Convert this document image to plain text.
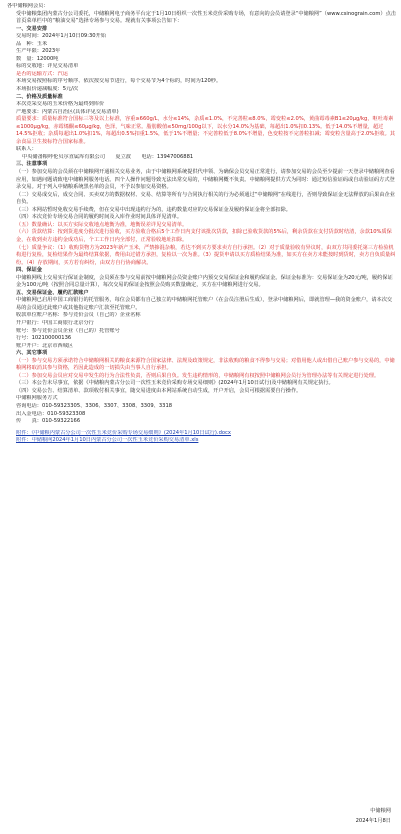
各中储粮网会员：
受中储粮集团内蒙古分公司委托，中储粮网电子商务平台定于1月10日组织一次性玉米竞价采购专场，有意向的会员请登录“中储粮网”（www.csinograin.com）点击首页菜单栏中的“粮油交易”选择专场参与交易。现就有关事项公告如下：
一、交易安排
交易时间：2024年1月10日09:30开始
品　种：玉米
生产年限：2023年
数　量：12000吨
标的交收地：详见交易清单
是否的运输方式：汽运
本场交易按照标的序号顺序、依次按交易节进行，每个交易节为4个标的，时间为120秒。
本场报价递减幅度：5元/次
二、价格及质量标准
本次竞采交易的玉米价格为最终到库价
产地要求：内蒙古自治区(具体详见交易清单)
质量要求：质量标准符合国标三等及以上标准，容重≥660g/L，水分≤14%，杂质≤1.0%，不完善粒≤8.0%，霉变粒≤2.0%，黄曲霉毒素B1≤20μg/kg，呕吐毒素≤1000μg/kg，赤霉烯酮≤60μg/kg，色泽，气味正常。脂肪酸值≤50mg/100g以下，以水分14.0%为基础，每超出1.0%扣0.13%。低于14.0%不增量，超过14.5%拒收；杂质每超出1.0%扣1%，每超出0.5%扣重1.5%，低于1%不增量；不完善粒低于8.0%不增量，色变粒按不完善粒扣减；霉变粒含量高于2.0%拒收。其余食品卫生按标符合国家标准。
联系人：
中央储备粮呼伦贝尔直属库有限公司　　夏立波　　电话：13947006881
三、注意事项
（一）参加交易的会员须在中储粮网开通相关交易业务，由于中储粮网系统提供代申领、为确保会员交易正常进行，请参加交易的会员至少提前一天登录中储粮网查看应用，如遇问题请致电中储粮网服务电话。四个人操作问题导致无法出常交易的，中储粮网概不负责。中储粮网提供方式为同时：通过短信验证码或自动验证码方式登录交易。对于列入中储粮系统黑名单的会员，不予以参加交易资格。
（二）交易成交后，成交合同、买卖双方的数据权材、交易、结算等所有与合同执行相关的行为必须通过“中储粮网”在线进行，否则导致保证金无法释放的后果由企业自负。
（三）本网站暂时免收交易手续费，但在交易中出现违约行为的，违约数量对应的交易保证金及履约保证金将全部扣除。
（四）本次竞价专场交易合同的履约时间及入库作业时间具体详见清单。
（五）数量确认：以买方实际交收地点地衡为准，地衡误差详见交易清单。
（六）货款结算：按到货进度分批次进行验收，买方验收合格后5个工作日内支付该批次货款，扣除已验收货款的5%后，剩余货款在支付货款时结清，余款10%质保金，在收到卖方违约金成功后，个工工作日内全部付，正常验收地址扣除。
（七）质量争议：（1）收购货物方为2023年新产玉米，严禁掺混杂粮，若达不到买方要求卖方自行承担。（2）对于质量验收有异议时，由双方共同委托第三方检验机构进行复检，复检结果作为最终结算依据，费用由过错方承担，复检以一次为准。（3）提货申请以买方质检结果为准，如买方在卖方未能按时到货时，卖方自负质量纠纷。（4）存放期间，买方若有纠纷，由双方自行协商解决。
四、保证金
中储粮网线上交易实行保证金制度，会员须在参与交易前按中储粮网会员资金账户内预交交易保证金和履约保证金。保证金标准为：交易保证金为20元/吨，履约保证金为100元/吨（按照合同总量计算），每次交易的保证金按照会员购买数量确定，买方在中储粮网进行交易。
五、交易保证金、履约汇款账户
中储粮网已启用中国工商银行的托管服务，每位会员都有自己独立的中储粮网托管账户（在会员注册后生成），登录中储粮网后，即就管理—我的资金账户，请本次交易的会员通过此账户或其他指定账户汇款至托管账户。
收款单位账户名称：参与竞价会员（自己的）企业名称
开户银行：中国工商银行北京分行
账号：参与竞价会员企业（自己的）托管账号
行号：102100000136
账户开户：北京市西城区
六、其它事项
（一）参与交易方须承诺符合中储粮网相关的粮食来源符合国家法律、法规及政策规定，非法收购的粮食不得参与交易；对借用他人或出借自己账户参与交易的，中储粮网将取消其参与资格，若因此造成的一切损失由当事人自行承担。
（二）参加交易会员应对交易中发生的行为合法性负责，否则后果自负。发生违约情形的，中储粮网有权按照中储粮网会员行为管理办法等有关规定进行处理。
（三）本公告未尽事宜，依据《中储粮内蒙古分公司一次性玉米竞价采购专场交易细则》(2024年1月10日试行)及中储粮网有关规定执行。
（四）交易公告、结算清单、款项收付相关事宜，随交易进度由本网站系统自动生成，开户开启，会员可根据需要自行操作。
中储粮网服务方式
咨询电话：010-59323305、3306、3307、3308、3309、3318
出入金电话：010-59323308
传　　真：010-59322166
附件：《中储粮内蒙古分公司一次性玉米竞价采购专场交易细则》(2024年1月10日试行).docx
附件：中储粮网2024年1月10日内蒙古分公司一次性玉米竞价采购交易清单.xls
中储粮网
2024年1月8日
